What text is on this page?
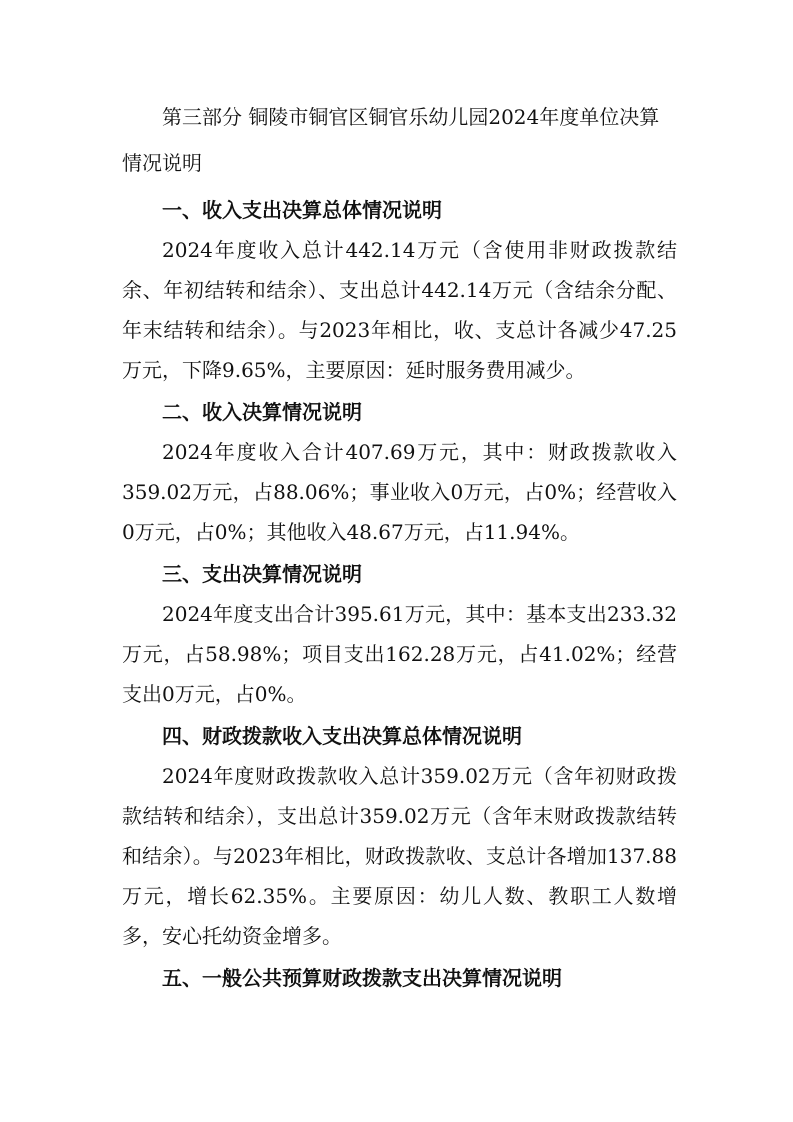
第三部分 铜陵市铜官区铜官乐幼儿园2024年度单位决算情况说明

一、收入支出决算总体情况说明

2024年度收入总计442.14万元（含使用非财政拨款结余、年初结转和结余）、支出总计442.14万元（含结余分配、年末结转和结余）。与2023年相比，收、支总计各减少47.25万元，下降9.65%，主要原因：延时服务费用减少。

二、收入决算情况说明

2024年度收入合计407.69万元，其中：财政拨款收入359.02万元，占88.06%；事业收入0万元，占0%；经营收入0万元，占0%；其他收入48.67万元，占11.94%。

三、支出决算情况说明

2024年度支出合计395.61万元，其中：基本支出233.32万元，占58.98%；项目支出162.28万元，占41.02%；经营支出0万元，占0%。

四、财政拨款收入支出决算总体情况说明

2024年度财政拨款收入总计359.02万元（含年初财政拨款结转和结余），支出总计359.02万元（含年末财政拨款结转和结余）。与2023年相比，财政拨款收、支总计各增加137.88万元，增长62.35%。主要原因：幼儿人数、教职工人数增多，安心托幼资金增多。

五、一般公共预算财政拨款支出决算情况说明
